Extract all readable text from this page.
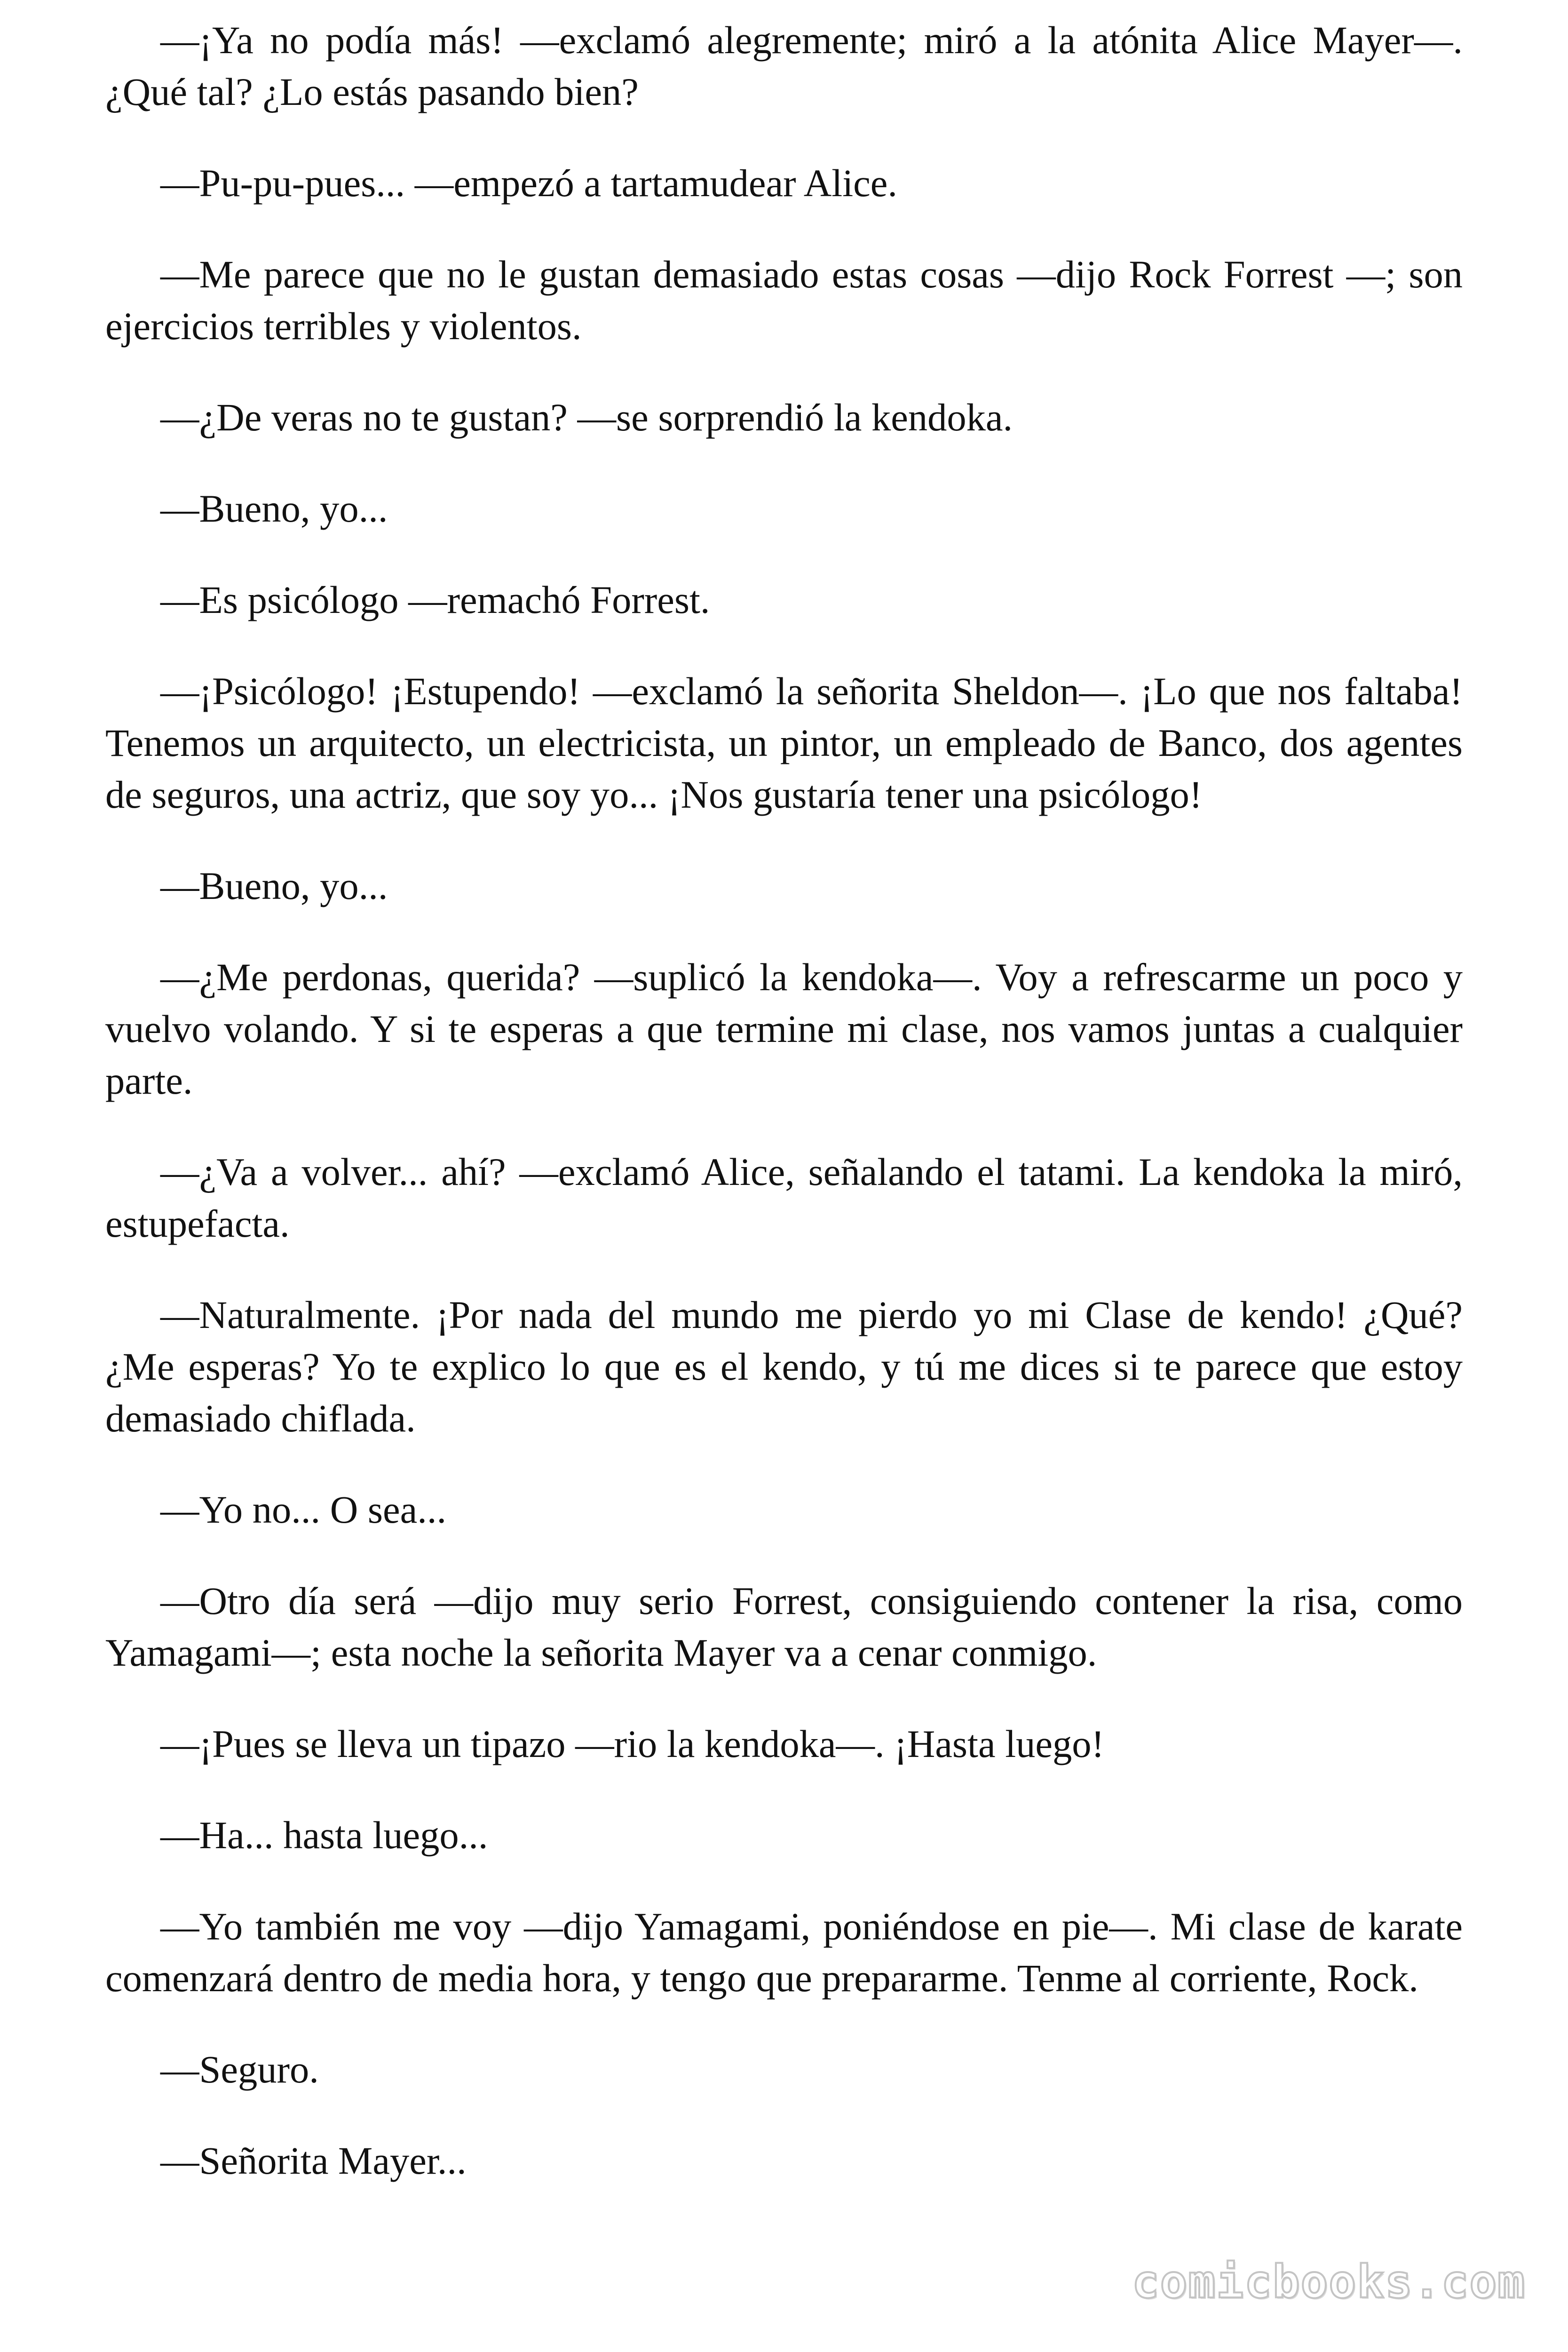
—¡Ya no podía más! —exclamó alegremente; miró a la atónita Alice Mayer—. ¿Qué tal? ¿Lo estás pasando bien?

—Pu-pu-pues... —empezó a tartamudear Alice.

—Me parece que no le gustan demasiado estas cosas —dijo Rock Forrest —; son ejercicios terribles y violentos.

—¿De veras no te gustan? —se sorprendió la kendoka.

—Bueno, yo...

—Es psicólogo —remachó Forrest.

—¡Psicólogo! ¡Estupendo! —exclamó la señorita Sheldon—. ¡Lo que nos faltaba! Tenemos un arquitecto, un electricista, un pintor, un empleado de Banco, dos agentes de seguros, una actriz, que soy yo... ¡Nos gustaría tener una psicólogo!

—Bueno, yo...

—¿Me perdonas, querida? —suplicó la kendoka—. Voy a refrescarme un poco y vuelvo volando. Y si te esperas a que termine mi clase, nos vamos juntas a cualquier parte.

—¿Va a volver... ahí? —exclamó Alice, señalando el tatami. La kendoka la miró, estupefacta.

—Naturalmente. ¡Por nada del mundo me pierdo yo mi Clase de kendo! ¿Qué? ¿Me esperas? Yo te explico lo que es el kendo, y tú me dices si te parece que estoy demasiado chiflada.

—Yo no... O sea...

—Otro día será —dijo muy serio Forrest, consiguiendo contener la risa, como Yamagami—; esta noche la señorita Mayer va a cenar conmigo.

—¡Pues se lleva un tipazo —rio la kendoka—. ¡Hasta luego!

—Ha... hasta luego...

—Yo también me voy —dijo Yamagami, poniéndose en pie—. Mi clase de karate comenzará dentro de media hora, y tengo que prepararme. Tenme al corriente, Rock.

—Seguro.

—Señorita Mayer...

comicbooks.com
